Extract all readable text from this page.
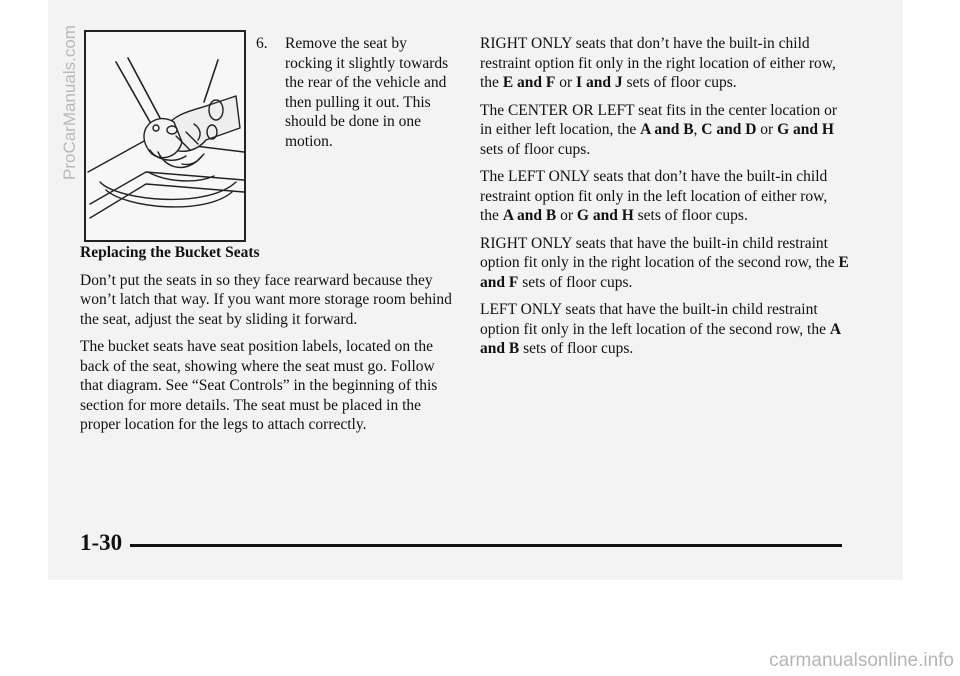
6. Remove the seat by rocking it slightly towards the rear of the vehicle and then pulling it out. This should be done in one motion.
Replacing the Bucket Seats

Don’t put the seats in so they face rearward because they won’t latch that way. If you want more storage room behind the seat, adjust the seat by sliding it forward.

The bucket seats have seat position labels, located on the back of the seat, showing where the seat must go. Follow that diagram. See “Seat Controls” in the beginning of this section for more details. The seat must be placed in the proper location for the legs to attach correctly.

RIGHT ONLY seats that don’t have the built-in child restraint option fit only in the right location of either row, the E and F or I and J sets of floor cups.

The CENTER OR LEFT seat fits in the center location or in either left location, the A and B, C and D or G and H sets of floor cups.

The LEFT ONLY seats that don’t have the built-in child restraint option fit only in the left location of either row, the A and B or G and H sets of floor cups.

RIGHT ONLY seats that have the built-in child restraint option fit only in the right location of the second row, the E and F sets of floor cups.

LEFT ONLY seats that have the built-in child restraint option fit only in the left location of the second row, the A and B sets of floor cups.

1-30
ProCarManuals.com
carmanualsonline.info
